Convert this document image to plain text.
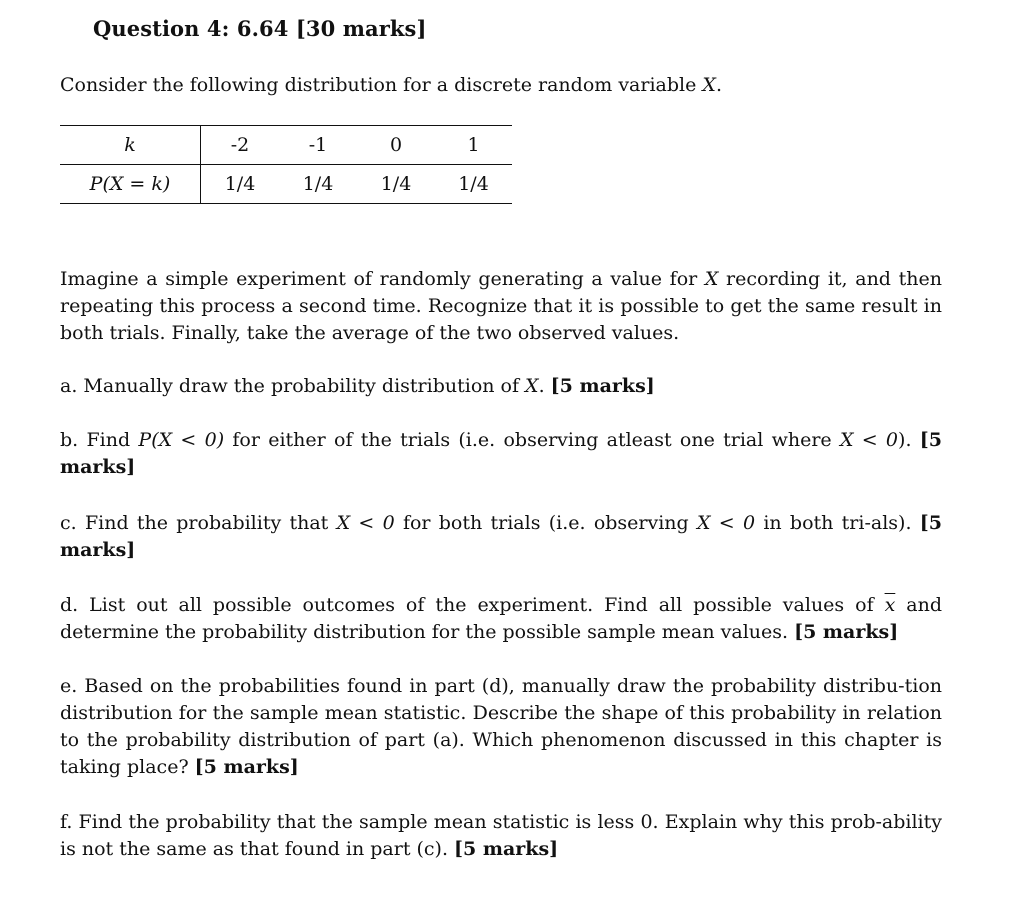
Question 4: 6.64 [30 marks]

Consider the following distribution for a discrete random variable X.

k	-2	-1	0	1
P(X = k)	1/4	1/4	1/4	1/4

Imagine a simple experiment of randomly generating a value for X recording it, and then repeating this process a second time. Recognize that it is possible to get the same result in both trials. Finally, take the average of the two observed values.

a. Manually draw the probability distribution of X. [5 marks]

b. Find P(X < 0) for either of the trials (i.e. observing atleast one trial where X < 0). [5 marks]

c. Find the probability that X < 0 for both trials (i.e. observing X < 0 in both tri-als). [5 marks]

d. List out all possible outcomes of the experiment. Find all possible values of $\overline{x}$ and determine the probability distribution for the possible sample mean values. [5 marks]

e. Based on the probabilities found in part (d), manually draw the probability distribu-tion distribution for the sample mean statistic. Describe the shape of this probability in relation to the probability distribution of part (a). Which phenomenon discussed in this chapter is taking place? [5 marks]

f. Find the probability that the sample mean statistic is less 0. Explain why this prob-ability is not the same as that found in part (c). [5 marks]
